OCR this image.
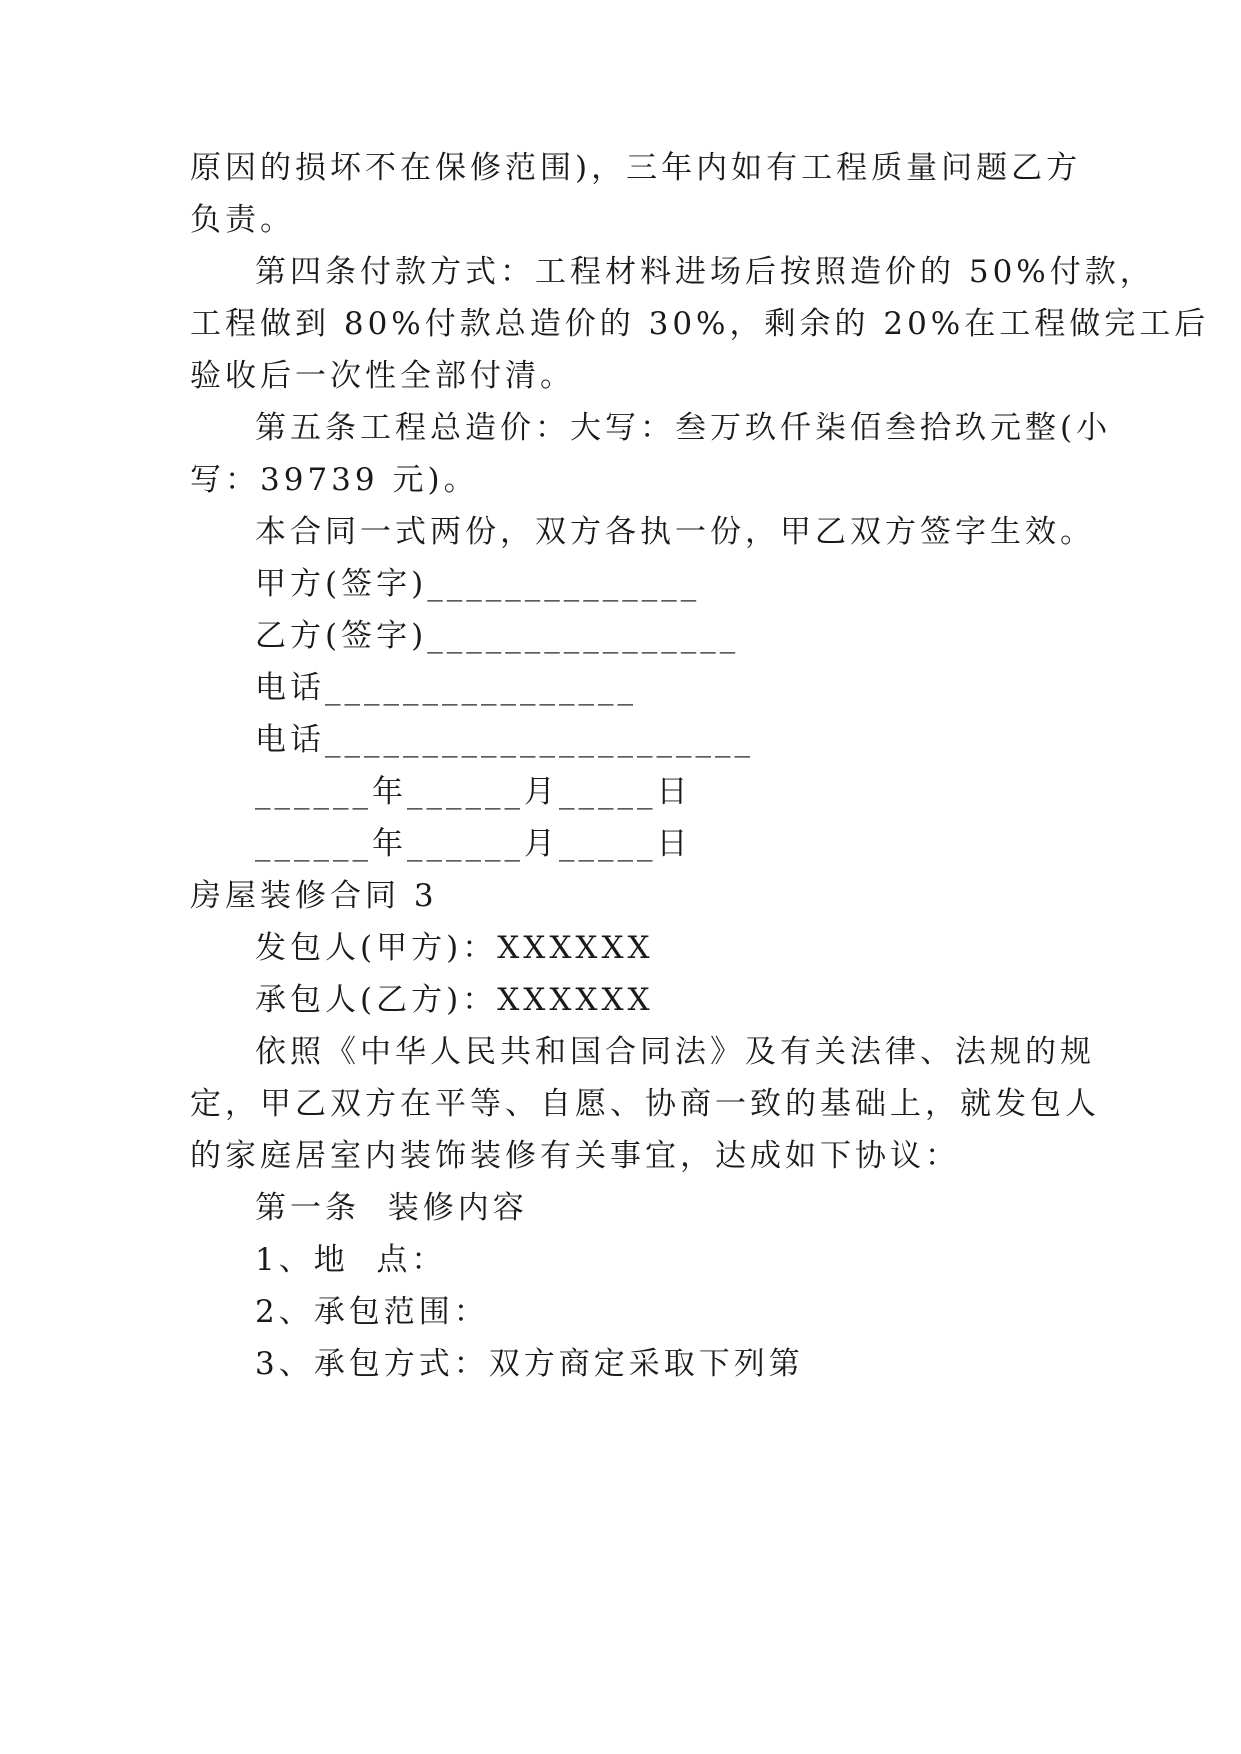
原因的损坏不在保修范围)，三年内如有工程质量问题乙方
负责。
第四条付款方式：工程材料进场后按照造价的 50%付款，
工程做到 80%付款总造价的 30%，剩余的 20%在工程做完工后
验收后一次性全部付清。
第五条工程总造价：大写：叁万玖仟柒佰叁拾玖元整(小
写：39739 元)。
本合同一式两份，双方各执一份，甲乙双方签字生效。
甲方(签字)______________
乙方(签字)________________
电话________________
电话______________________
______年______月_____日
______年______月_____日
房屋装修合同 3
发包人(甲方)：XXXXXX
承包人(乙方)：XXXXXX
依照《中华人民共和国合同法》及有关法律、法规的规
定，甲乙双方在平等、自愿、协商一致的基础上，就发包人
的家庭居室内装饰装修有关事宜，达成如下协议：
第一条  装修内容
1、地  点：
2、承包范围：
3、承包方式：双方商定采取下列第
